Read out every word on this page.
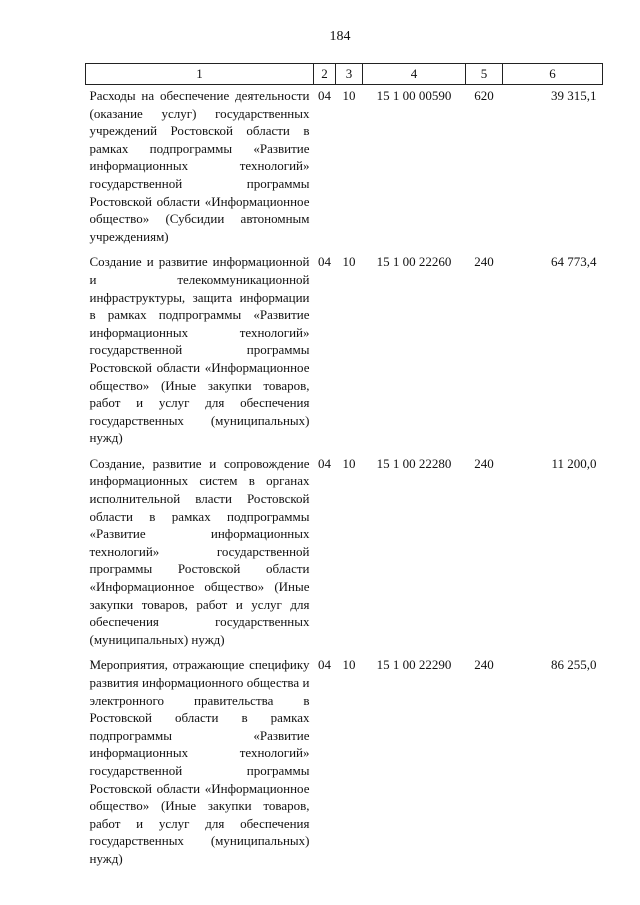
184
1	2	3	4	5	6
Расходы на обеспечение деятельности (оказание услуг) государственных учреждений Ростовской области в рамках подпрограммы «Развитие информационных технологий» государственной программы Ростовской области «Информационное общество» (Субсидии автономным учреждениям)	04	10	15 1 00 00590	620	39 315,1
Создание и развитие информационной и телекоммуникационной инфраструктуры, защита информации в рамках подпрограммы «Развитие информационных технологий» государственной программы Ростовской области «Информационное общество» (Иные закупки товаров, работ и услуг для обеспечения государственных (муниципальных) нужд)	04	10	15 1 00 22260	240	64 773,4
Создание, развитие и сопровождение информационных систем в органах исполнительной власти Ростовской области в рамках подпрограммы «Развитие информационных технологий» государственной программы Ростовской области «Информационное общество» (Иные закупки товаров, работ и услуг для обеспечения государственных (муниципальных) нужд)	04	10	15 1 00 22280	240	11 200,0
Мероприятия, отражающие специфику развития информационного общества и электронного правительства в Ростовской области в рамках подпрограммы «Развитие информационных технологий» государственной программы Ростовской области «Информационное общество» (Иные закупки товаров, работ и услуг для обеспечения государственных (муниципальных) нужд)	04	10	15 1 00 22290	240	86 255,0
